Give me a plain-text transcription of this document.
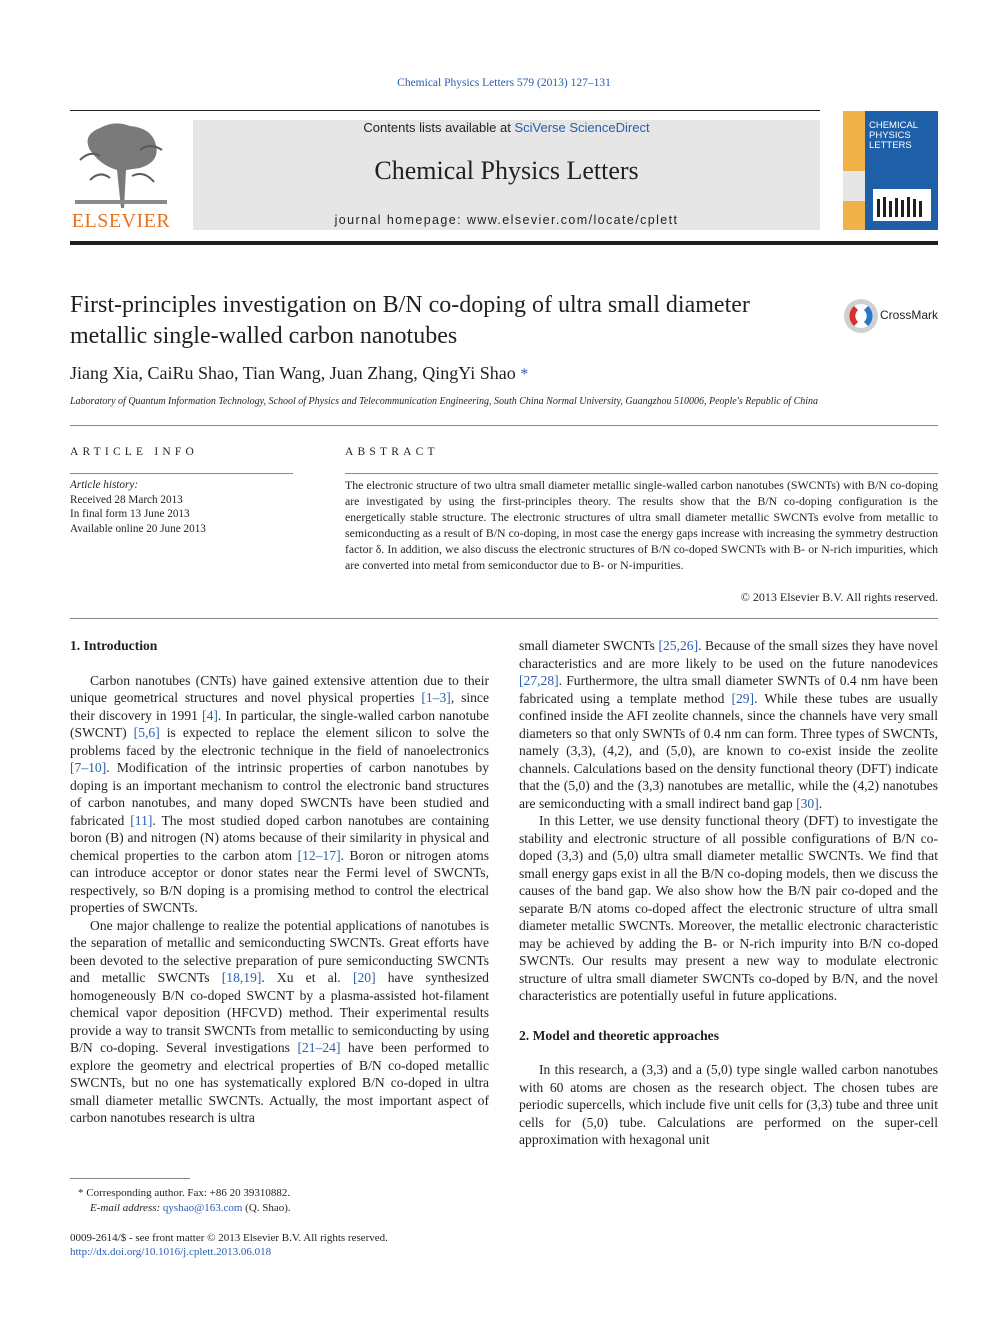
Chemical Physics Letters 579 (2013) 127–131
ELSEVIER
Contents lists available at SciVerse ScienceDirect
Chemical Physics Letters
journal homepage: www.elsevier.com/locate/cplett
CHEMICAL
PHYSICS
LETTERS
First-principles investigation on B/N co-doping of ultra small diameter
metallic single-walled carbon nanotubes
CrossMark
Jiang Xia, CaiRu Shao, Tian Wang, Juan Zhang, QingYi Shao *
Laboratory of Quantum Information Technology, School of Physics and Telecommunication Engineering, South China Normal University, Guangzhou 510006, People's Republic of China
ARTICLE INFO
Article history:
Received 28 March 2013
In final form 13 June 2013
Available online 20 June 2013
ABSTRACT
The electronic structure of two ultra small diameter metallic single-walled carbon nanotubes (SWCNTs) with B/N co-doping are investigated by using the first-principles theory. The results show that the B/N co-doping configuration is the energetically stable structure. The electronic structures of ultra small diameter metallic SWCNTs evolve from metallic to semiconducting as a result of B/N co-doping, in most case the energy gaps increase with increasing the symmetry destruction factor δ. In addition, we also discuss the electronic structures of B/N co-doped SWCNTs with B- or N-rich impurities, which are converted into metal from semiconductor due to B- or N-impurities.
© 2013 Elsevier B.V. All rights reserved.
1. Introduction

Carbon nanotubes (CNTs) have gained extensive attention due to their unique geometrical structures and novel physical properties [1–3], since their discovery in 1991 [4]. In particular, the single-walled carbon nanotube (SWCNT) [5,6] is expected to replace the element silicon to solve the problems faced by the electronic technique in the field of nanoelectronics [7–10]. Modification of the intrinsic properties of carbon nanotubes by doping is an important mechanism to control the electronic band structures of carbon nanotubes, and many doped SWCNTs have been studied and fabricated [11]. The most studied doped carbon nanotubes are containing boron (B) and nitrogen (N) atoms because of their similarity in physical and chemical properties to the carbon atom [12–17]. Boron or nitrogen atoms can introduce acceptor or donor states near the Fermi level of SWCNTs, respectively, so B/N doping is a promising method to control the electrical properties of SWCNTs.

One major challenge to realize the potential applications of nanotubes is the separation of metallic and semiconducting SWCNTs. Great efforts have been devoted to the selective preparation of pure semiconducting SWCNTs and metallic SWCNTs [18,19]. Xu et al. [20] have synthesized homogeneously B/N co-doped SWCNT by a plasma-assisted hot-filament chemical vapor deposition (HFCVD) method. Their experimental results provide a way to transit SWCNTs from metallic to semiconducting by using B/N co-doping. Several investigations [21–24] have been performed to explore the geometry and electrical properties of B/N co-doped metallic SWCNTs, but no one has systematically explored B/N co-doped in ultra small diameter metallic SWCNTs. Actually, the most important aspect of carbon nanotubes research is ultra

small diameter SWCNTs [25,26]. Because of the small sizes they have novel characteristics and are more likely to be used on the future nanodevices [27,28]. Furthermore, the ultra small diameter SWNTs of 0.4 nm have been fabricated using a template method [29]. While these tubes are usually confined inside the AFI zeolite channels, since the channels have very small diameters so that only SWNTs of 0.4 nm can form. Three types of SWCNTs, namely (3,3), (4,2), and (5,0), are known to co-exist inside the zeolite channels. Calculations based on the density functional theory (DFT) indicate that the (5,0) and the (3,3) nanotubes are metallic, while the (4,2) nanotubes are semiconducting with a small indirect band gap [30].

In this Letter, we use density functional theory (DFT) to investigate the stability and electronic structure of all possible configurations of B/N co-doped (3,3) and (5,0) ultra small diameter metallic SWCNTs. We find that small energy gaps exist in all the B/N co-doping models, then we discuss the causes of the band gap. We also show how the B/N pair co-doped and the separate B/N atoms co-doped affect the electronic structure of ultra small diameter metallic SWCNTs. Moreover, the metallic electronic characteristic may be achieved by adding the B- or N-rich impurity into B/N co-doped SWCNTs. Our results may present a new way to modulate electronic structure of ultra small diameter SWCNTs co-doped by B/N, and the novel characteristics are potentially useful in future applications.

2. Model and theoretic approaches

In this research, a (3,3) and a (5,0) type single walled carbon nanotubes with 60 atoms are chosen as the research object. The chosen tubes are periodic supercells, which include five unit cells for (3,3) tube and three unit cells for (5,0) tube. Calculations are performed on the super-cell approximation with hexagonal unit

* Corresponding author. Fax: +86 20 39310882.
E-mail address: qyshao@163.com (Q. Shao).
0009-2614/$ - see front matter © 2013 Elsevier B.V. All rights reserved.
http://dx.doi.org/10.1016/j.cplett.2013.06.018
